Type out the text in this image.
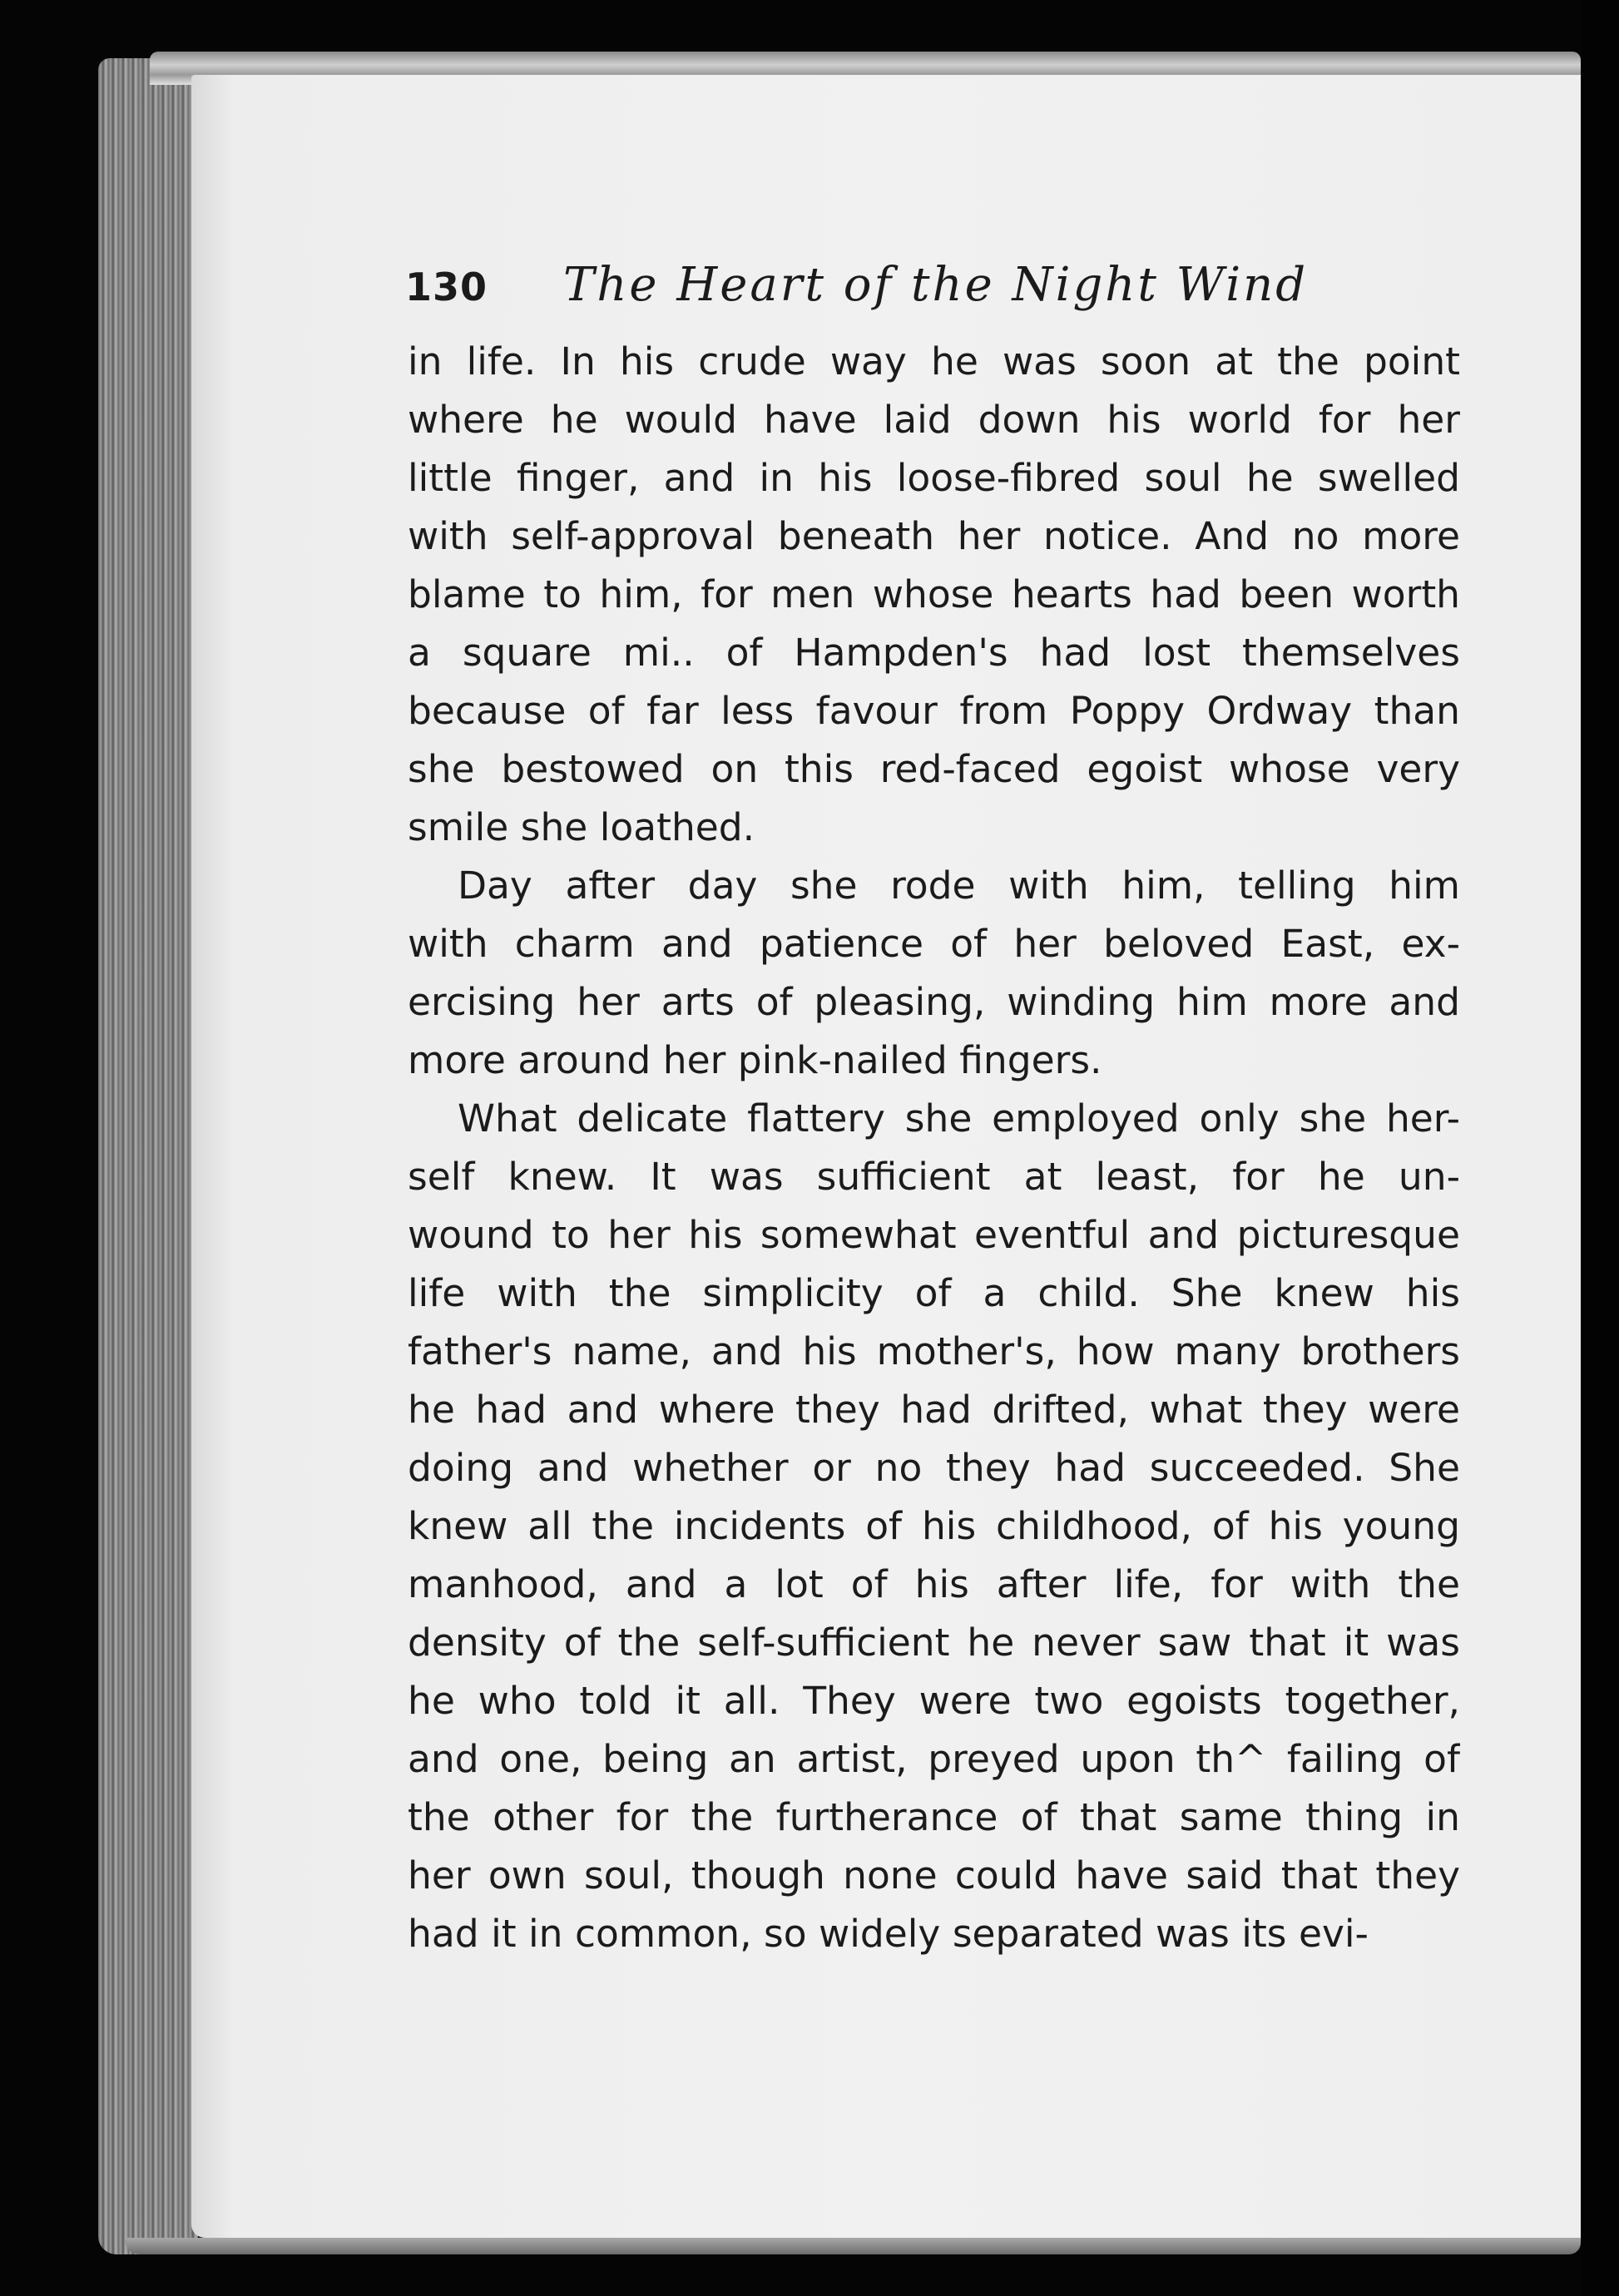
130	The Heart of the Night Wind
in life. In his crude way he was soon at the point
where he would have laid down his world for her
little finger, and in his loose-fibred soul he swelled
with self-approval beneath her notice. And no more
blame to him, for men whose hearts had been worth
a square mi.. of Hampden's had lost themselves
because of far less favour from Poppy Ordway than
she bestowed on this red-faced egoist whose very
smile she loathed.
Day after day she rode with him, telling him
with charm and patience of her beloved East, ex-
ercising her arts of pleasing, winding him more and
more around her pink-nailed fingers.
What delicate flattery she employed only she her-
self knew. It was sufficient at least, for he un-
wound to her his somewhat eventful and picturesque
life with the simplicity of a child. She knew his
father's name, and his mother's, how many brothers
he had and where they had drifted, what they were
doing and whether or no they had succeeded. She
knew all the incidents of his childhood, of his young
manhood, and a lot of his after life, for with the
density of the self-sufficient he never saw that it was
he who told it all. They were two egoists together,
and one, being an artist, preyed upon th^ failing of
the other for the furtherance of that same thing in
her own soul, though none could have said that they
had it in common, so widely separated was its evi-
